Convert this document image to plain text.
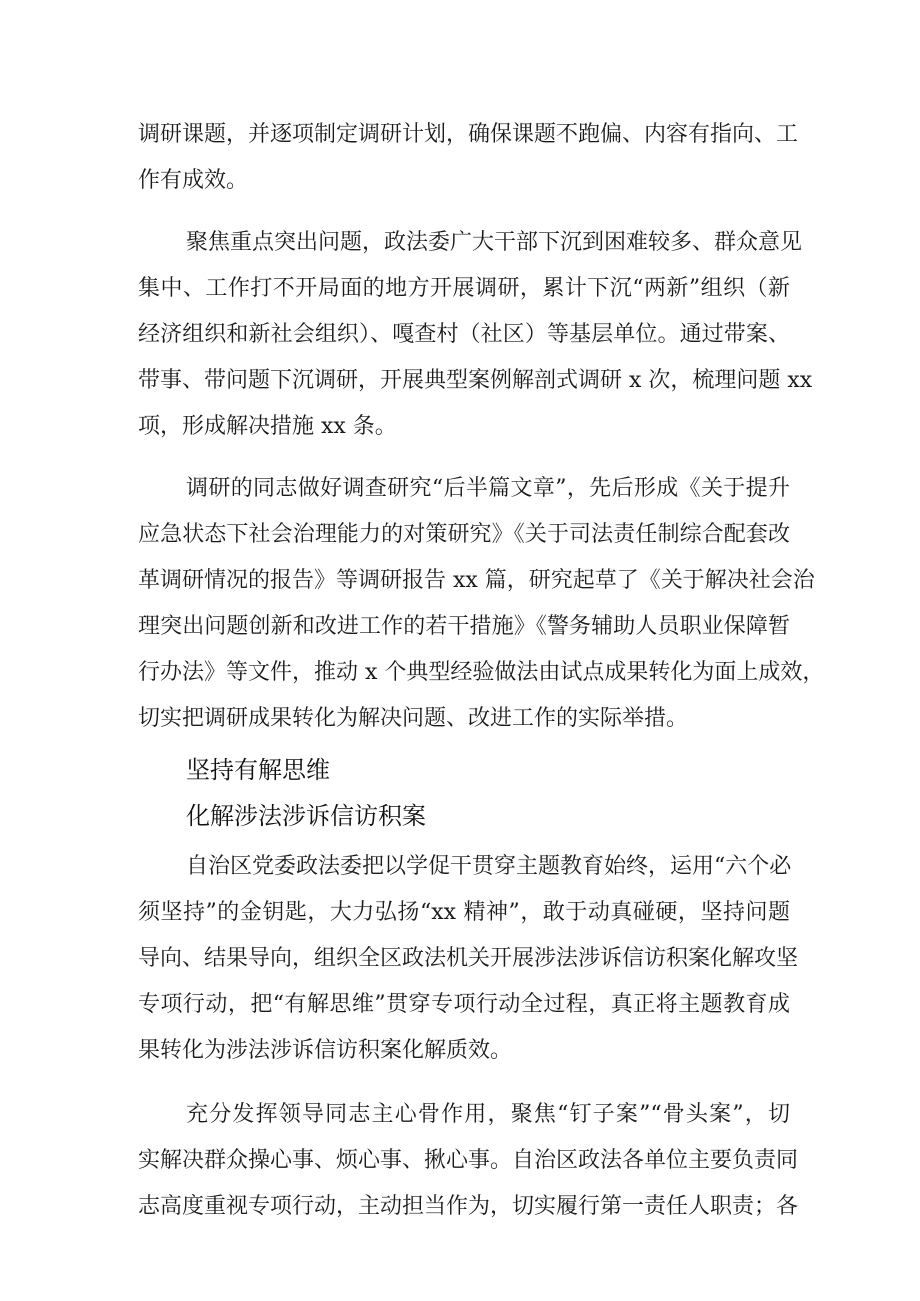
调研课题，并逐项制定调研计划，确保课题不跑偏、内容有指向、工
作有成效。
聚焦重点突出问题，政法委广大干部下沉到困难较多、群众意见
集中、工作打不开局面的地方开展调研，累计下沉“两新”组织（新
经济组织和新社会组织）、嘎查村（社区）等基层单位。通过带案、
带事、带问题下沉调研，开展典型案例解剖式调研 x 次，梳理问题 xx
项，形成解决措施 xx 条。
调研的同志做好调查研究“后半篇文章”，先后形成《关于提升
应急状态下社会治理能力的对策研究》《关于司法责任制综合配套改
革调研情况的报告》等调研报告 xx 篇，研究起草了《关于解决社会治
理突出问题创新和改进工作的若干措施》《警务辅助人员职业保障暂
行办法》等文件，推动 x 个典型经验做法由试点成果转化为面上成效，
切实把调研成果转化为解决问题、改进工作的实际举措。
坚持有解思维
化解涉法涉诉信访积案
自治区党委政法委把以学促干贯穿主题教育始终，运用“六个必
须坚持”的金钥匙，大力弘扬“xx 精神”，敢于动真碰硬，坚持问题
导向、结果导向，组织全区政法机关开展涉法涉诉信访积案化解攻坚
专项行动，把“有解思维”贯穿专项行动全过程，真正将主题教育成
果转化为涉法涉诉信访积案化解质效。
充分发挥领导同志主心骨作用，聚焦“钉子案”“骨头案”，切
实解决群众操心事、烦心事、揪心事。自治区政法各单位主要负责同
志高度重视专项行动，主动担当作为，切实履行第一责任人职责；各
